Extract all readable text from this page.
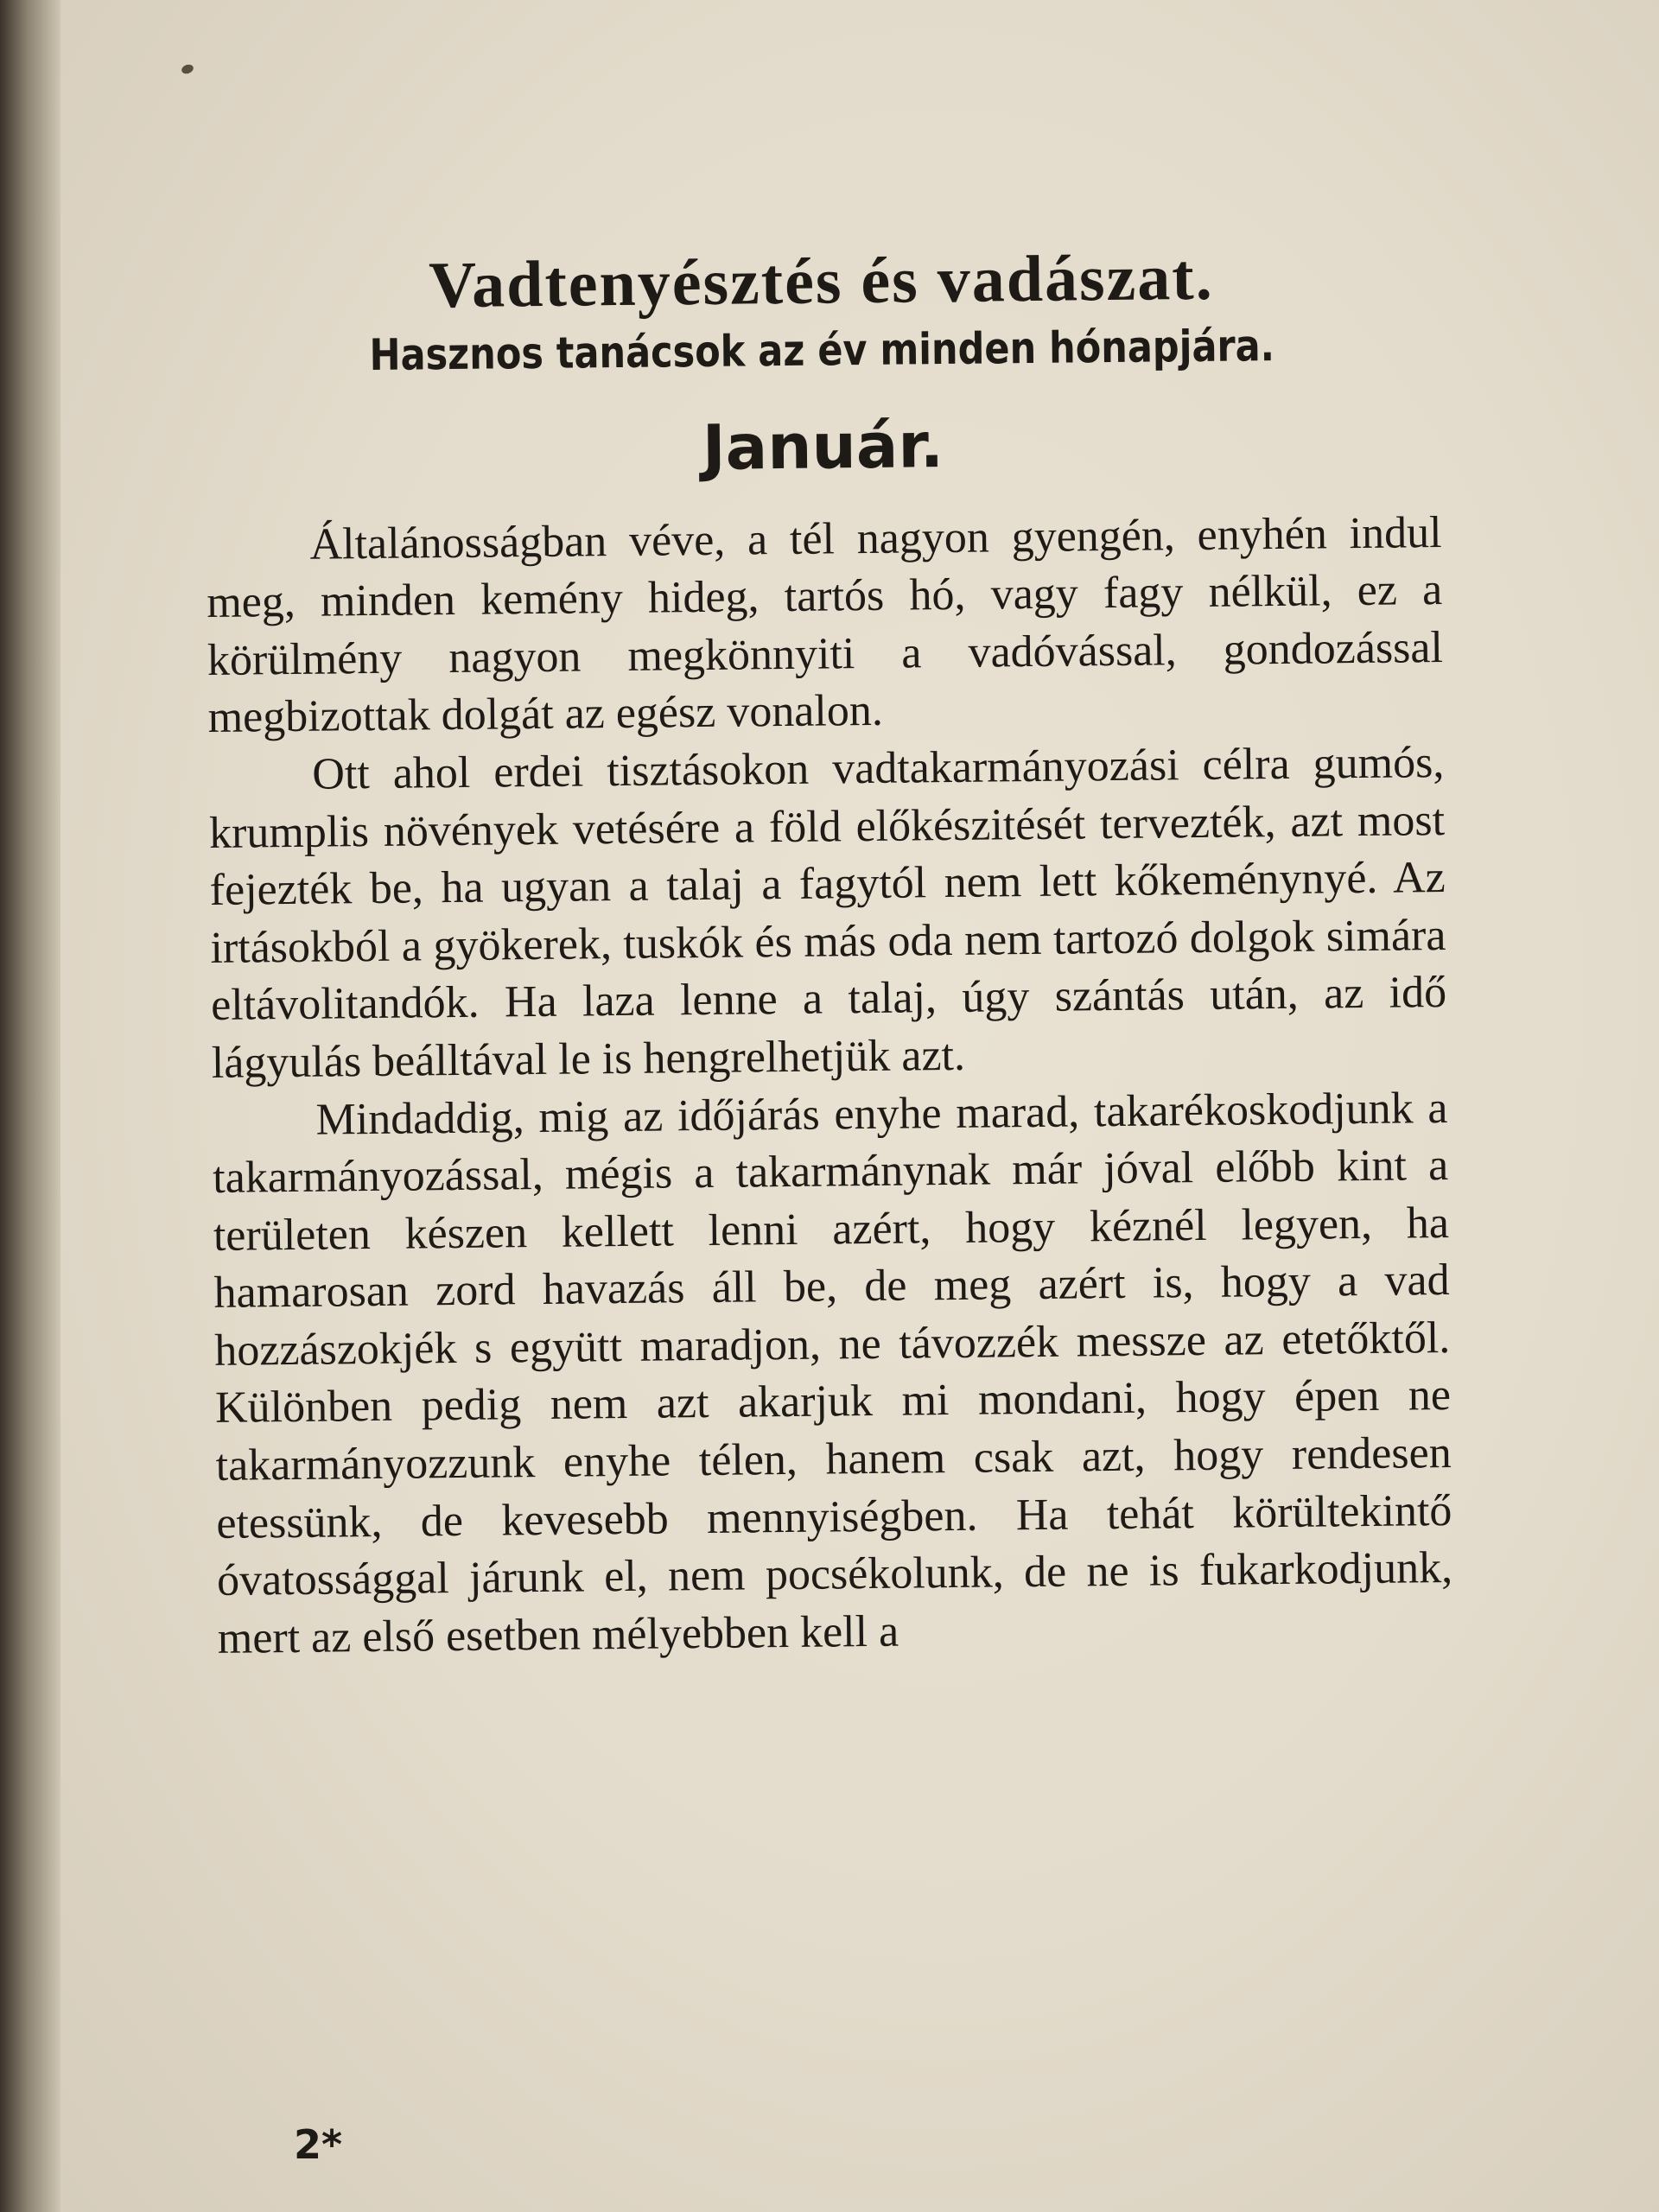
Vadtenyésztés és vadászat.
Hasznos tanácsok az év minden hónapjára.
Január.

Általánosságban véve, a tél nagyon gyengén, enyhén indul meg, minden kemény hideg, tartós hó, vagy fagy nélkül, ez a körülmény nagyon megkönnyiti a vadóvással, gondozással megbizottak dolgát az egész vonalon.

Ott ahol erdei tisztásokon vadtakarmányozási célra gumós, krumplis növények vetésére a föld előkészitését tervezték, azt most fejezték be, ha ugyan a talaj a fagytól nem lett kőkeménynyé. Az irtásokból a gyökerek, tuskók és más oda nem tartozó dolgok simára eltávolitandók. Ha laza lenne a talaj, úgy szántás után, az idő lágyulás beálltával le is hengrelhetjük azt.

Mindaddig, mig az időjárás enyhe marad, takarékoskodjunk a takarmányozással, mégis a takarmánynak már jóval előbb kint a területen készen kellett lenni azért, hogy kéznél legyen, ha hamarosan zord havazás áll be, de meg azért is, hogy a vad hozzászokjék s együtt maradjon, ne távozzék messze az etetőktől. Különben pedig nem azt akarjuk mi mondani, hogy épen ne takarmányozzunk enyhe télen, hanem csak azt, hogy rendesen etessünk, de kevesebb mennyiségben. Ha tehát körültekintő óvatossággal járunk el, nem pocsékolunk, de ne is fukarkodjunk, mert az első esetben mélyebben kell a

2*
